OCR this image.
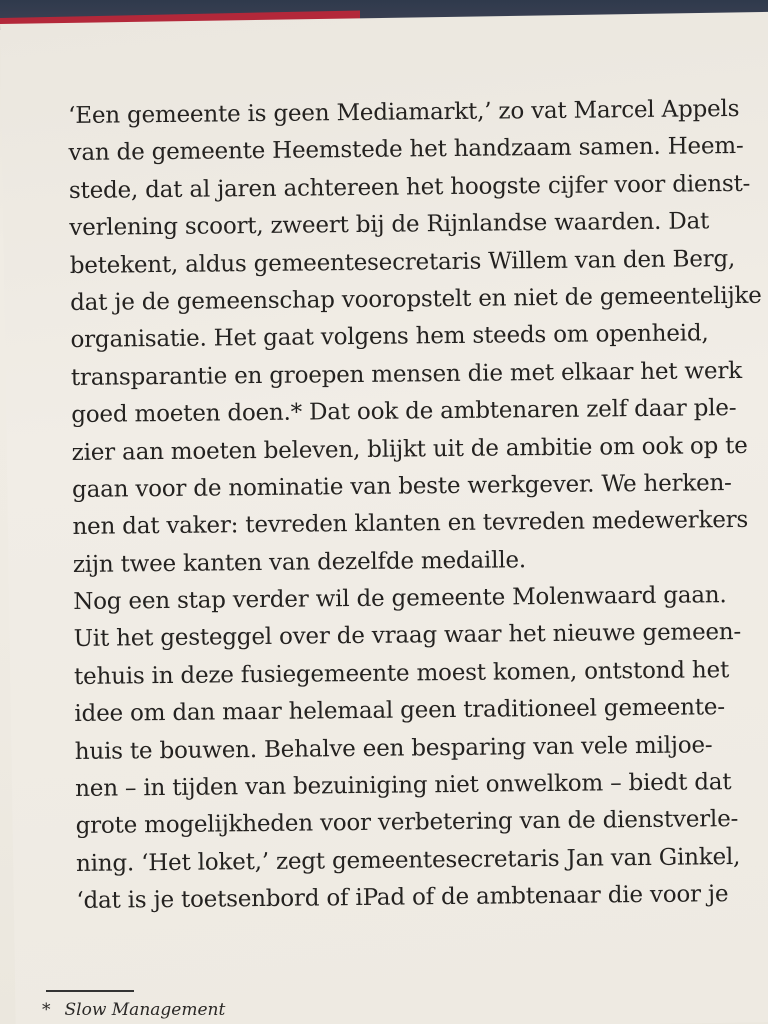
‘Een gemeente is geen Mediamarkt,’ zo vat Marcel Appels
van de gemeente Heemstede het handzaam samen. Heem-
stede, dat al jaren achtereen het hoogste cijfer voor dienst-
verlening scoort, zweert bij de Rijnlandse waarden. Dat
betekent, aldus gemeentesecretaris Willem van den Berg,
dat je de gemeenschap vooropstelt en niet de gemeentelijke
organisatie. Het gaat volgens hem steeds om openheid,
transparantie en groepen mensen die met elkaar het werk
goed moeten doen.* Dat ook de ambtenaren zelf daar ple-
zier aan moeten beleven, blijkt uit de ambitie om ook op te
gaan voor de nominatie van beste werkgever. We herken-
nen dat vaker: tevreden klanten en tevreden medewerkers
zijn twee kanten van dezelfde medaille.
Nog een stap verder wil de gemeente Molenwaard gaan.
Uit het gesteggel over de vraag waar het nieuwe gemeen-
tehuis in deze fusiegemeente moest komen, ontstond het
idee om dan maar helemaal geen traditioneel gemeente-
huis te bouwen. Behalve een besparing van vele miljoe-
nen – in tijden van bezuiniging niet onwelkom – biedt dat
grote mogelijkheden voor verbetering van de dienstverle-
ning. ‘Het loket,’ zegt gemeentesecretaris Jan van Ginkel,
‘dat is je toetsenbord of iPad of de ambtenaar die voor je
* Slow Management
